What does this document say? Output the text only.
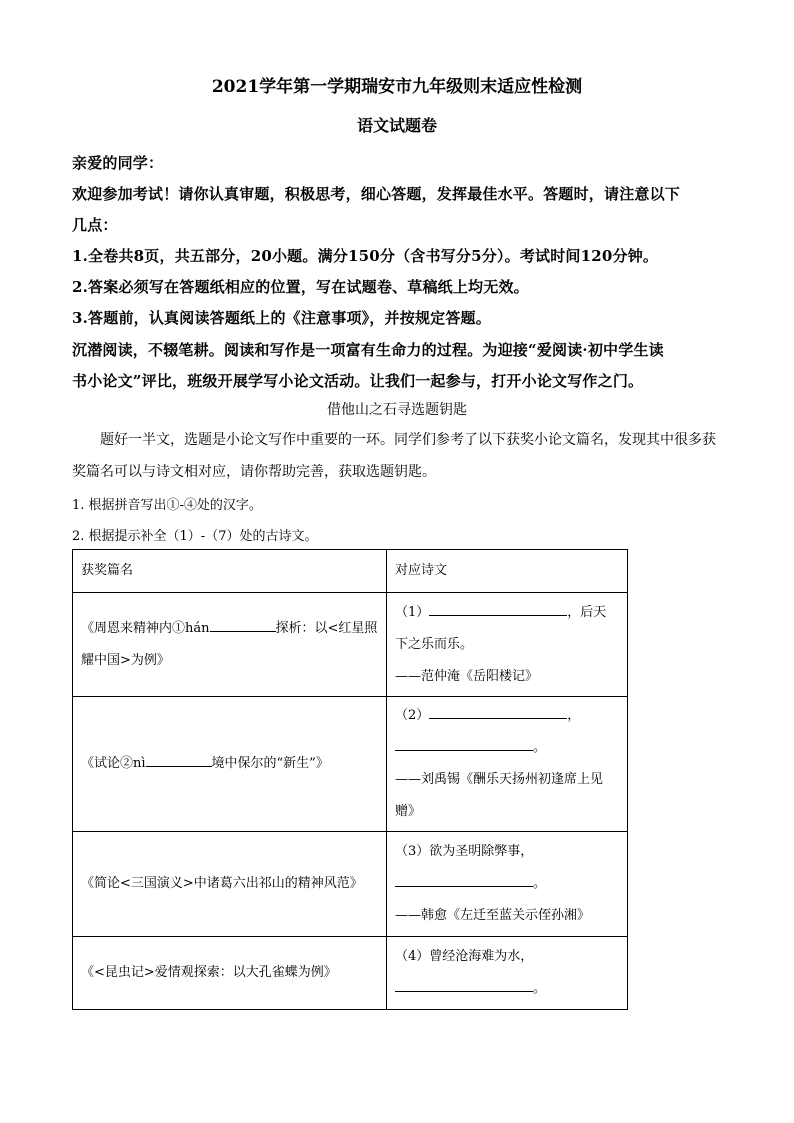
2021学年第一学期瑞安市九年级则末适应性检测
语文试题卷
亲爱的同学：
欢迎参加考试！请你认真审题，积极思考，细心答题，发挥最佳水平。答题时，请注意以下
几点：
1.全卷共8页，共五部分，20小题。满分150分（含书写分5分）。考试时间120分钟。
2.答案必须写在答题纸相应的位置，写在试题卷、草稿纸上均无效。
3.答题前，认真阅读答题纸上的《注意事项》，并按规定答题。
沉潜阅读，不辍笔耕。阅读和写作是一项富有生命力的过程。为迎接“爱阅读·初中学生读
书小论文”评比，班级开展学写小论文活动。让我们一起参与，打开小论文写作之门。
借他山之石寻选题钥匙
题好一半文，选题是小论文写作中重要的一环。同学们参考了以下获奖小论文篇名，发现其中很多获奖篇名可以与诗文相对应，请你帮助完善，获取选题钥匙。
1. 根据拼音写出①-④处的汉字。
2. 根据提示补全（1）-（7）处的古诗文。
获奖篇名	对应诗文
《周恩来精神内①hán 探析：以<红星照耀中国>为例》	（1） ，后天下之乐而乐。
——范仲淹《岳阳楼记》
《试论②nì 境中保尔的“新生”》	（2） ，
。
——刘禹锡《酬乐天扬州初逢席上见赠》
《简论<三国演义>中诸葛六出祁山的精神风范》	（3）欲为圣明除弊事，
。
——韩愈《左迁至蓝关示侄孙湘》
《<昆虫记>爱情观探索：以大孔雀蝶为例》	（4）曾经沧海难为水，
。
